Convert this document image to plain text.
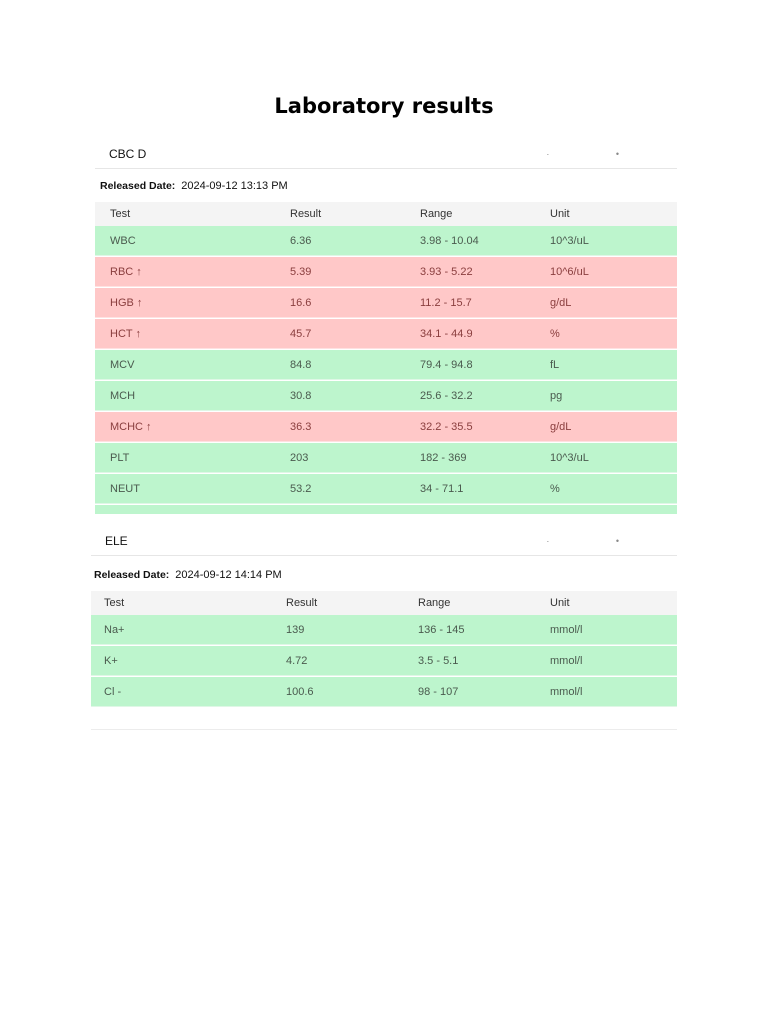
Laboratory results
CBC D	· •
Released Date: 2024-09-12 13:13 PM
Test	Result	Range	Unit
WBC	6.36	3.98 - 10.04	10^3/uL
RBC ↑	5.39	3.93 - 5.22	10^6/uL
HGB ↑	16.6	11.2 - 15.7	g/dL
HCT ↑	45.7	34.1 - 44.9	%
MCV	84.8	79.4 - 94.8	fL
MCH	30.8	25.6 - 32.2	pg
MCHC ↑	36.3	32.2 - 35.5	g/dL
PLT	203	182 - 369	10^3/uL
NEUT	53.2	34 - 71.1	%
ELE	· •
Released Date: 2024-09-12 14:14 PM
Test	Result	Range	Unit
Na+	139	136 - 145	mmol/l
K+	4.72	3.5 - 5.1	mmol/l
Cl -	100.6	98 - 107	mmol/l
